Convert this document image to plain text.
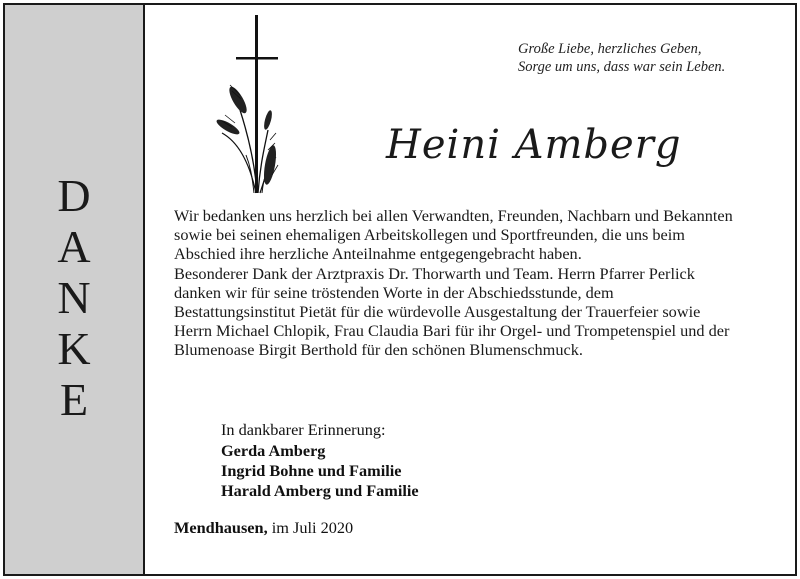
D
A
N
K
E
Große Liebe, herzliches Geben,
Sorge um uns, dass war sein Leben.
Heini Amberg

Wir bedanken uns herzlich bei allen Verwandten, Freunden, Nachbarn und Bekannten sowie bei seinen ehemaligen Arbeitskollegen und Sportfreunden, die uns beim Abschied ihre herzliche Anteilnahme entgegengebracht haben.

Besonderer Dank der Arztpraxis Dr. Thorwarth und Team. Herrn Pfarrer Perlick danken wir für seine tröstenden Worte in der Abschiedsstunde, dem Bestattungsinstitut Pietät für die würdevolle Ausgestaltung der Trauerfeier sowie Herrn Michael Chlopik, Frau Claudia Bari für ihr Orgel- und Trompetenspiel und der Blumenoase Birgit Berthold für den schönen Blumenschmuck.

In dankbarer Erinnerung:
Gerda Amberg
Ingrid Bohne und Familie
Harald Amberg und Familie
Mendhausen, im Juli 2020
